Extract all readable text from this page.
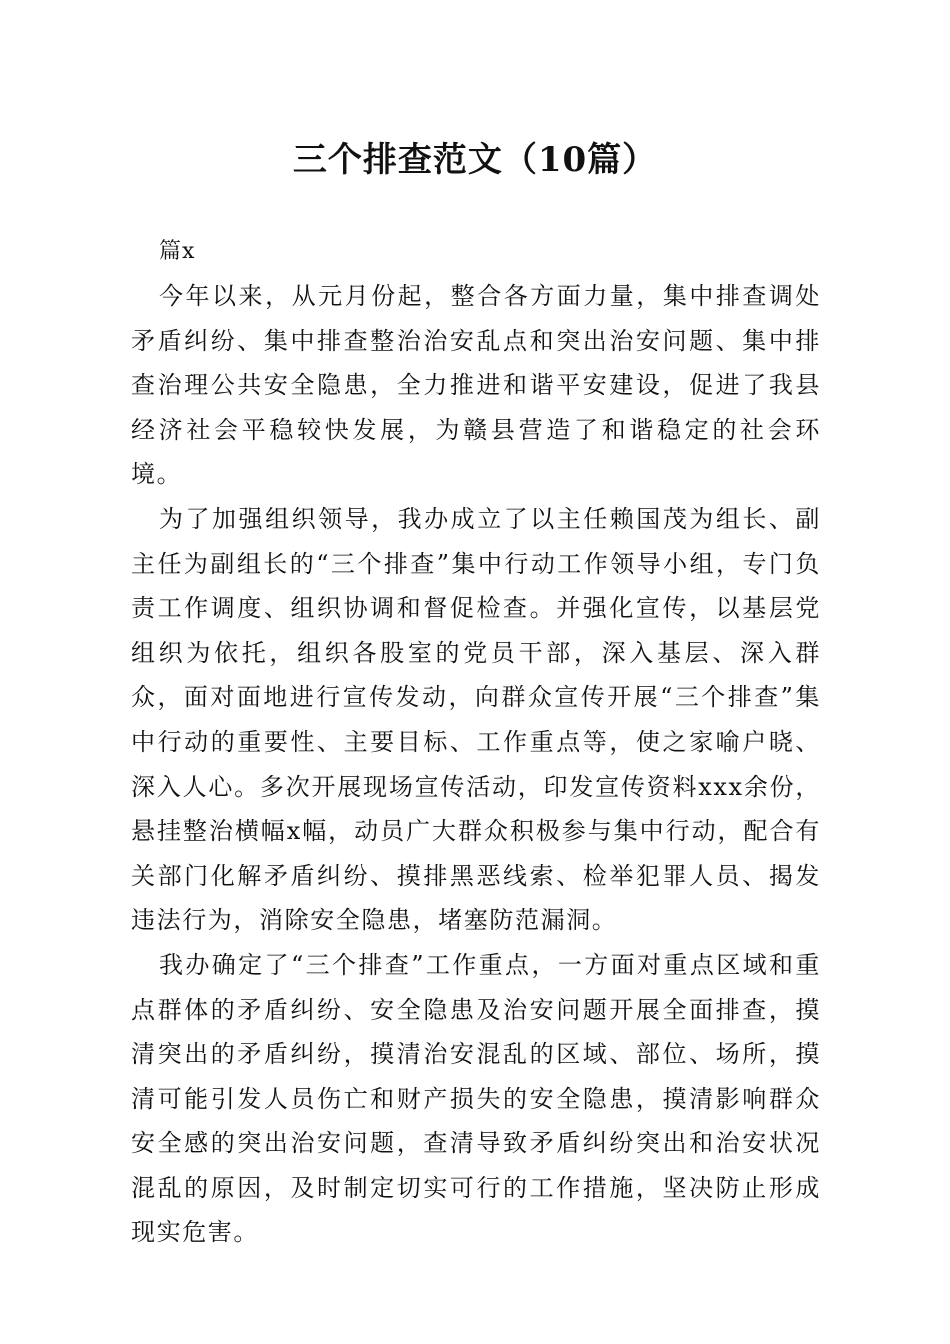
三个排查范文（10篇）

篇x

今年以来，从元月份起，整合各方面力量，集中排查调处矛盾纠纷、集中排查整治治安乱点和突出治安问题、集中排查治理公共安全隐患，全力推进和谐平安建设，促进了我县经济社会平稳较快发展，为赣县营造了和谐稳定的社会环境。

为了加强组织领导，我办成立了以主任赖国茂为组长、副主任为副组长的“三个排查”集中行动工作领导小组，专门负责工作调度、组织协调和督促检查。并强化宣传，以基层党组织为依托，组织各股室的党员干部，深入基层、深入群众，面对面地进行宣传发动，向群众宣传开展“三个排查”集中行动的重要性、主要目标、工作重点等，使之家喻户晓、深入人心。多次开展现场宣传活动，印发宣传资料xxx余份，悬挂整治横幅x幅，动员广大群众积极参与集中行动，配合有关部门化解矛盾纠纷、摸排黑恶线索、检举犯罪人员、揭发违法行为，消除安全隐患，堵塞防范漏洞。

我办确定了“三个排查”工作重点，一方面对重点区域和重点群体的矛盾纠纷、安全隐患及治安问题开展全面排查，摸清突出的矛盾纠纷，摸清治安混乱的区域、部位、场所，摸清可能引发人员伤亡和财产损失的安全隐患，摸清影响群众安全感的突出治安问题，查清导致矛盾纠纷突出和治安状况混乱的原因，及时制定切实可行的工作措施，坚决防止形成现实危害。
